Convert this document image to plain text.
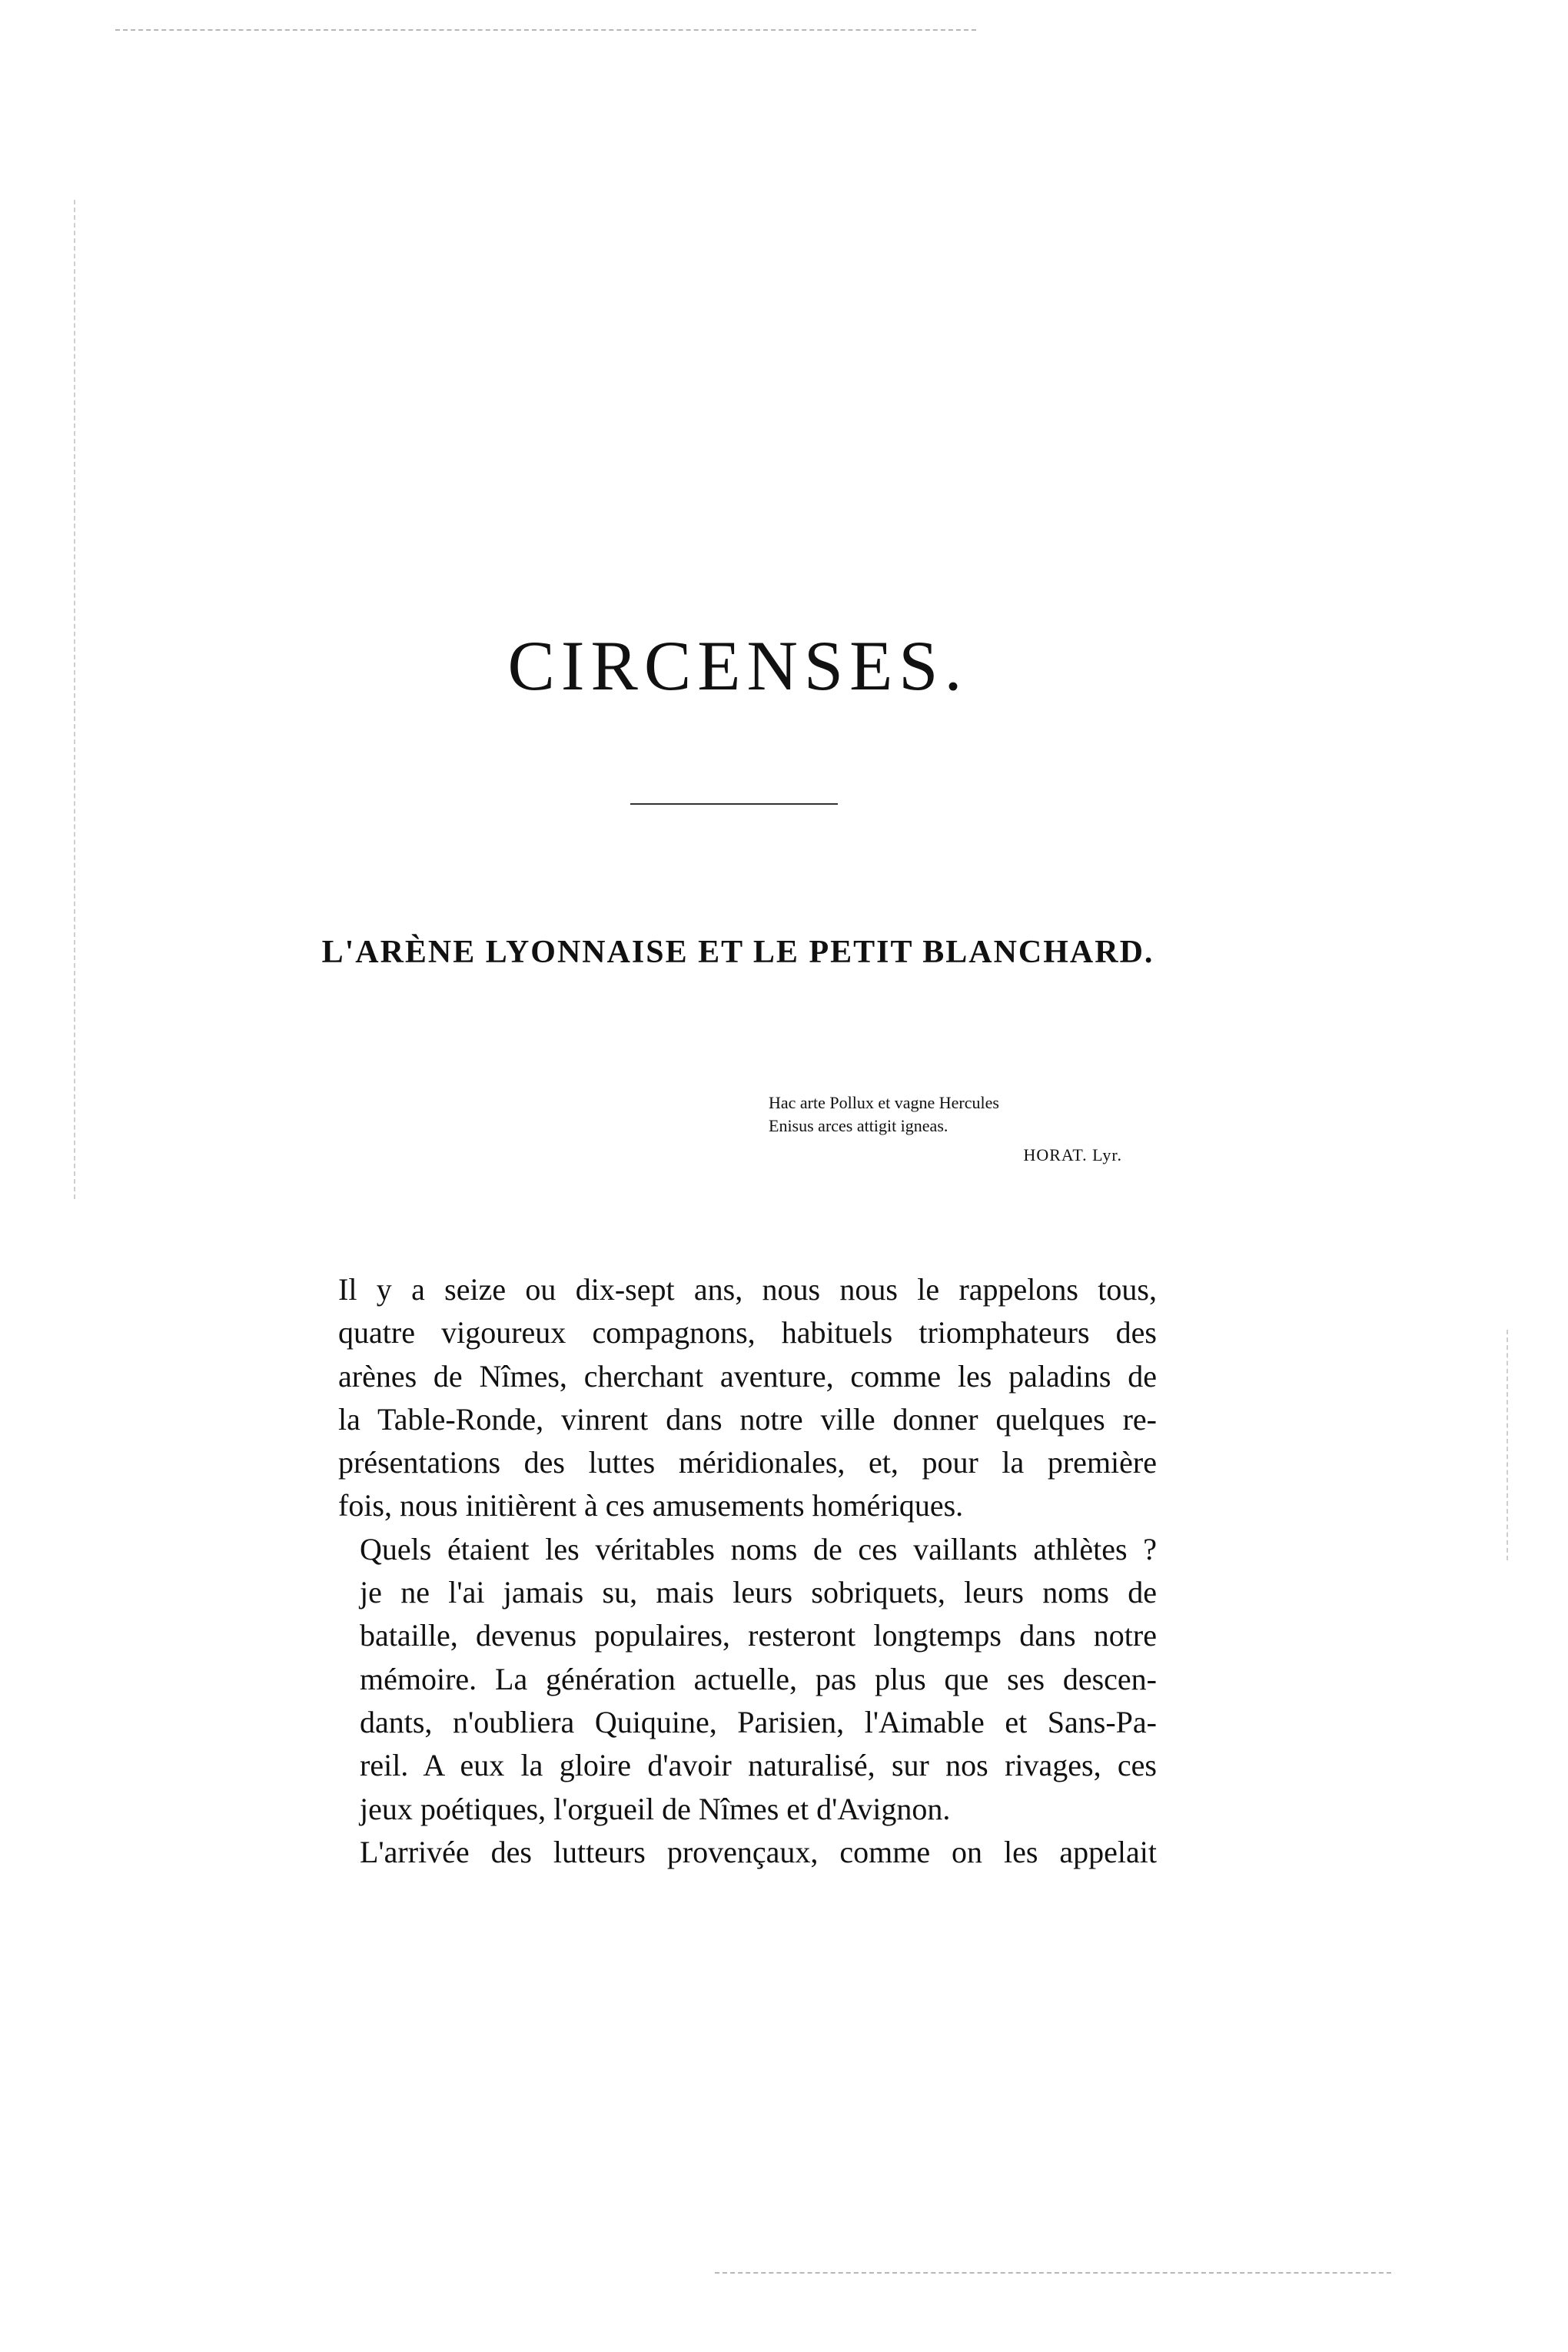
CIRCENSES.
L'ARÈNE LYONNAISE ET LE PETIT BLANCHARD.
Hac arte Pollux et vagne Hercules
Enisus arces attigit igneas.
HORAT. Lyr.

Il y a seize ou dix-sept ans, nous nous le rappelons tous,
quatre vigoureux compagnons, habituels triomphateurs des
arènes de Nîmes, cherchant aventure, comme les paladins de
la Table-Ronde, vinrent dans notre ville donner quelques re-
présentations des luttes méridionales, et, pour la première
fois, nous initièrent à ces amusements homériques.

Quels étaient les véritables noms de ces vaillants athlètes ?
je ne l'ai jamais su, mais leurs sobriquets, leurs noms de
bataille, devenus populaires, resteront longtemps dans notre
mémoire. La génération actuelle, pas plus que ses descen-
dants, n'oubliera Quiquine, Parisien, l'Aimable et Sans-Pa-
reil. A eux la gloire d'avoir naturalisé, sur nos rivages, ces
jeux poétiques, l'orgueil de Nîmes et d'Avignon.

L'arrivée des lutteurs provençaux, comme on les appelait
